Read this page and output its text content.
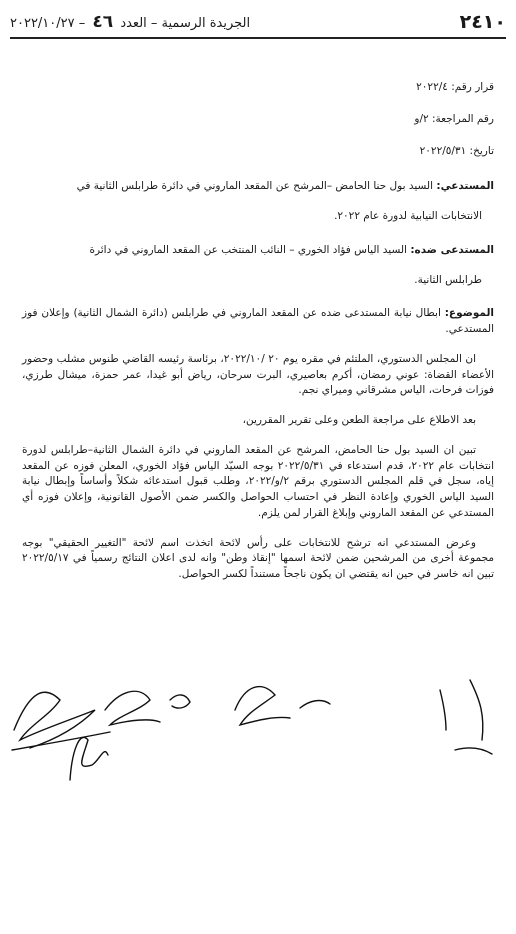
٢٤١٠
الجريدة الرسمية – العدد ٤٦ – ٢٠٢٢/١٠/٢٧

قرار رقم: ٢٠٢٢/٤

رقم المراجعة: ٢/و

تاريخ: ٢٠٢٢/٥/٣١

المستدعي: السيد بول حنا الحامض –المرشح عن المقعد الماروني في دائرة طرابلس الثانية في

الانتخابات النيابية لدورة عام ٢٠٢٢.

المستدعى ضده: السيد الياس فؤاد الخوري – النائب المنتخب عن المقعد الماروني في دائرة

طرابلس الثانية.

الموضوع: ابطال نيابة المستدعى ضده عن المقعد الماروني في طرابلس (دائرة الشمال الثانية) وإعلان فوز المستدعي.

ان المجلس الدستوري، الملتئم في مقره يوم ٢٠ /٢٠٢٢/١٠، برئاسة رئيسه القاضي طنوس مشلب وحضور الأعضاء القضاة: عوني رمضان، أكرم بعاصيري، البرت سرحان، رياض أبو غيدا، عمر حمزة، ميشال طرزي، فوزات فرحات، الياس مشرقاني وميراي نجم.

بعد الاطلاع على مراجعة الطعن وعلى تقرير المقررين،

تبين ان السيد بول حنا الحامض، المرشح عن المقعد الماروني في دائرة الشمال الثانية–طرابلس لدورة انتخابات عام ٢٠٢٢، قدم استدعاء في ٢٠٢٢/٥/٣١ بوجه السيّد الياس فؤاد الخوري، المعلن فوزه عن المقعد إياه، سجل في قلم المجلس الدستوري برقم ٢/و/٢٠٢٢، وطلب قبول استدعائه شكلاً وأساساً وإبطال نيابة السيد الياس الخوري وإعادة النظر في احتساب الحواصل والكسر ضمن الأصول القانونية، وإعلان فوزه أي المستدعي عن المقعد الماروني وإبلاغ القرار لمن يلزم.

وعرض المستدعي انه ترشح للانتخابات على رأس لائحة اتخذت اسم لائحة "التغيير الحقيقي" بوجه مجموعة أخرى من المرشحين ضمن لائحة اسمها "إنقاذ وطن" وانه لدى اعلان النتائج رسمياً في ٢٠٢٢/٥/١٧ تبين انه خاسر في حين انه يقتضي ان يكون ناجحاً مستنداً لكسر الحواصل.
